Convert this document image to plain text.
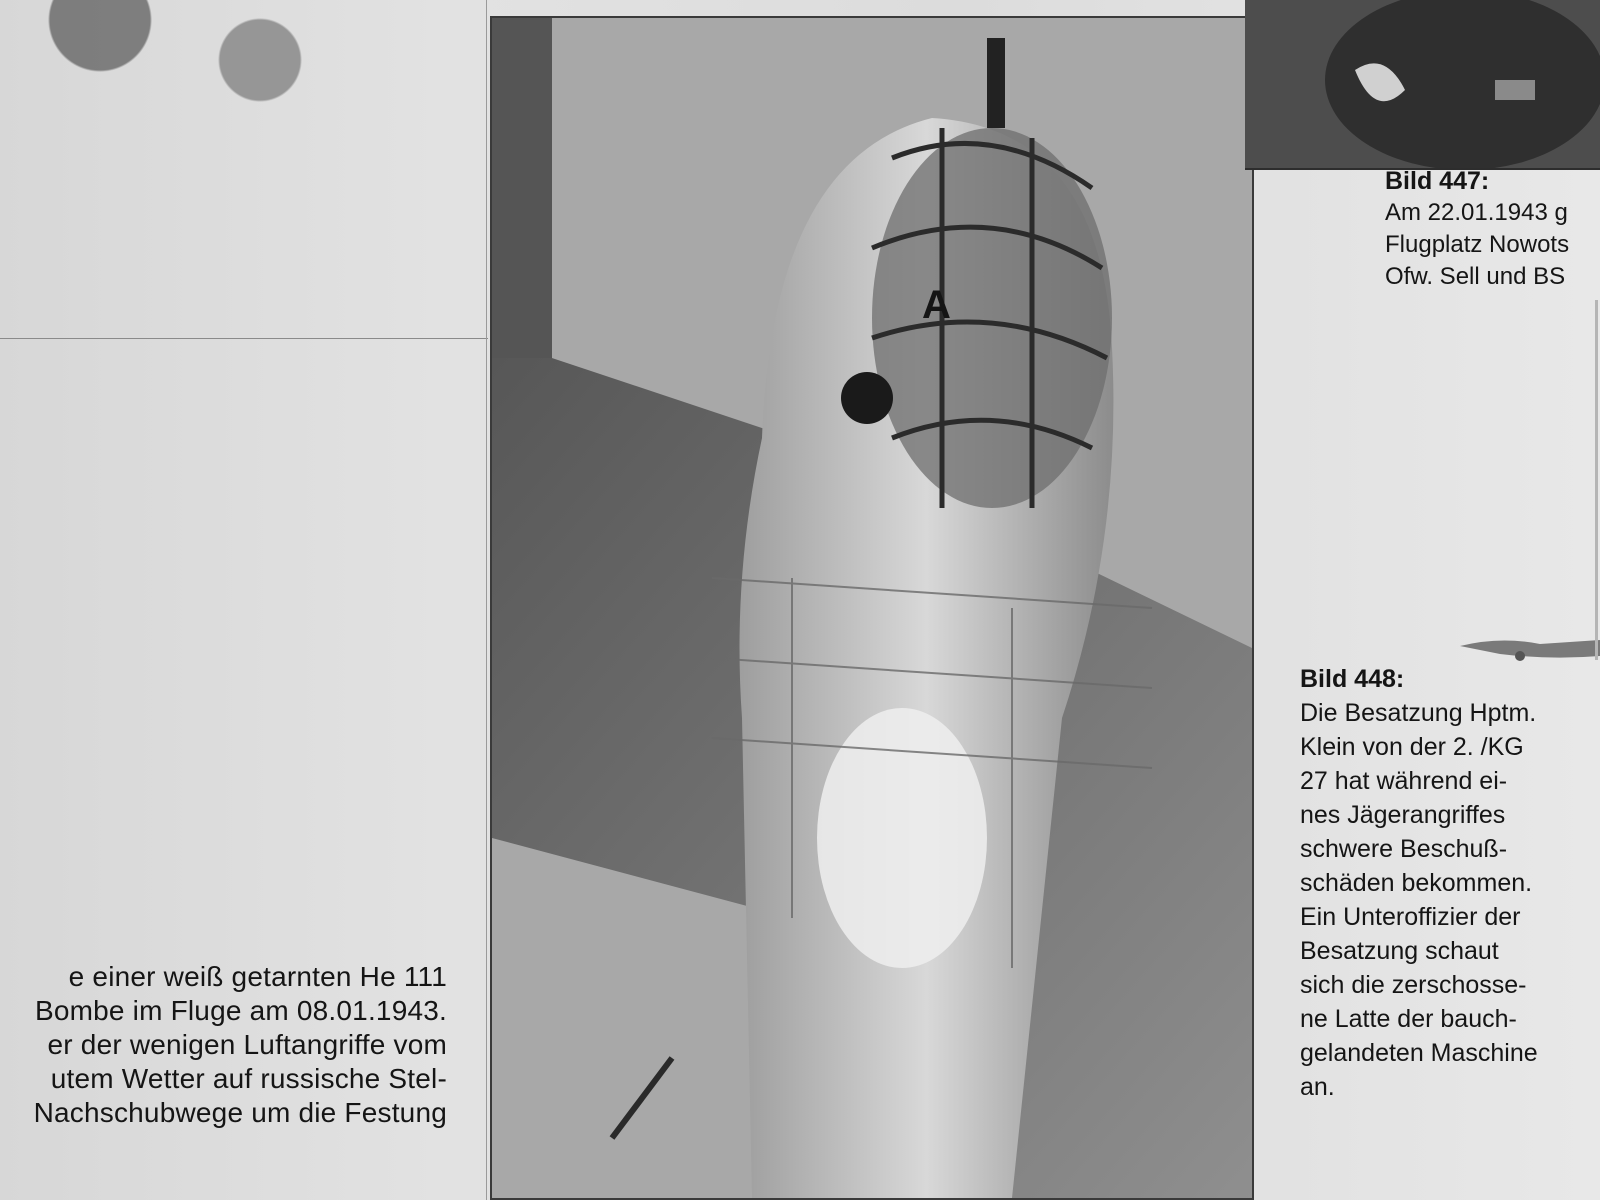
e einer weiß getarnten He 111

Bombe im Fluge am 08.01.1943.

er der wenigen Luftangriffe vom

utem Wetter auf russische Stel-

Nachschubwege um die Festung

A
Bild 447:

Am 22.01.1943 g

Flugplatz Nowots

Ofw. Sell und BS

Bild 448:

Die Besatzung Hptm.

Klein von der 2. /KG

27 hat während ei-

nes Jägerangriffes

schwere Beschuß-

schäden bekommen.

Ein Unteroffizier der

Besatzung schaut

sich die zerschosse-

ne Latte der bauch-

gelandeten Maschine

an.
